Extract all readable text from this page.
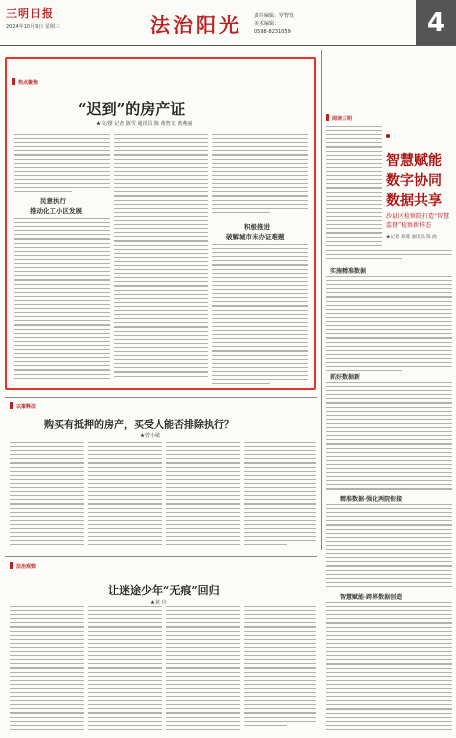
三明日报
2024年10月9日 星期三	法治阳光 责任编辑：罗智发
美术编辑：
0598-8231059	4
热点聚焦
“迟到”的房产证
★文/图 记者 陈雪 通讯员 陈 黄智文 黄燕丽
民意执行
推动化工小区发展
积极推进
破解城市未办证难题
阅读三明
智慧赋能
数字协同
数据共享
沙县区检察院打造“智慧监督”检察新样态
★记者 邓燕 通讯员 陈 曲
实施精准数据
抓好数据新
精准数据·强化两院衔接
智慧赋能·跨界数据创造
以案释法
购买有抵押的房产，买受人能否排除执行？
★曾小敏
法治观察
让迷途少年“无痕”回归
★黄 玲
